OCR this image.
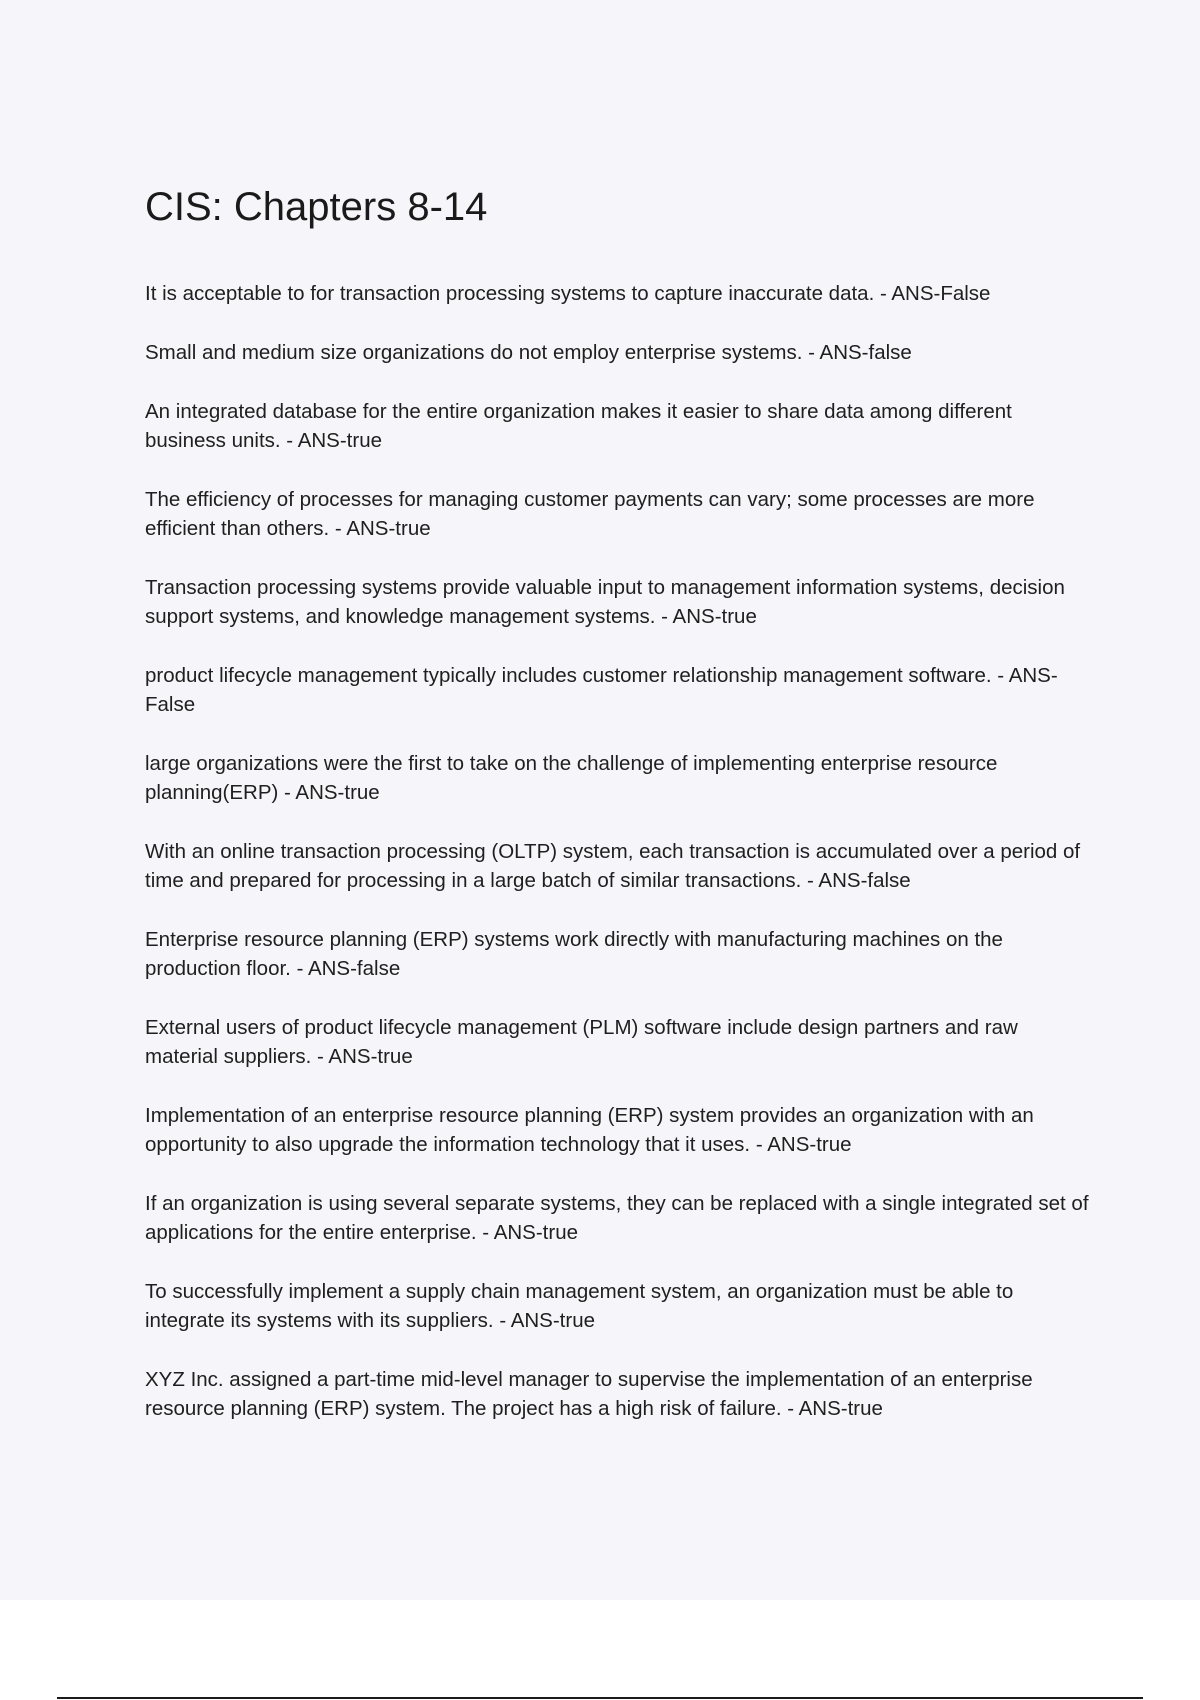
CIS: Chapters 8-14
It is acceptable to for transaction processing systems to capture inaccurate data. - ANS-False
Small and medium size organizations do not employ enterprise systems. - ANS-false
An integrated database for the entire organization makes it easier to share data among different business units. - ANS-true
The efficiency of processes for managing customer payments can vary; some processes are more efficient than others. - ANS-true
Transaction processing systems provide valuable input to management information systems, decision support systems, and knowledge management systems. - ANS-true
product lifecycle management typically includes customer relationship management software. - ANS-False
large organizations were the first to take on the challenge of implementing enterprise resource planning(ERP) - ANS-true
With an online transaction processing (OLTP) system, each transaction is accumulated over a period of time and prepared for processing in a large batch of similar transactions. - ANS-false
Enterprise resource planning (ERP) systems work directly with manufacturing machines on the production floor. - ANS-false
External users of product lifecycle management (PLM) software include design partners and raw material suppliers. - ANS-true
Implementation of an enterprise resource planning (ERP) system provides an organization with an opportunity to also upgrade the information technology that it uses. - ANS-true
If an organization is using several separate systems, they can be replaced with a single integrated set of applications for the entire enterprise. - ANS-true
To successfully implement a supply chain management system, an organization must be able to integrate its systems with its suppliers. - ANS-true
XYZ Inc. assigned a part-time mid-level manager to supervise the implementation of an enterprise resource planning (ERP) system. The project has a high risk of failure. - ANS-true
